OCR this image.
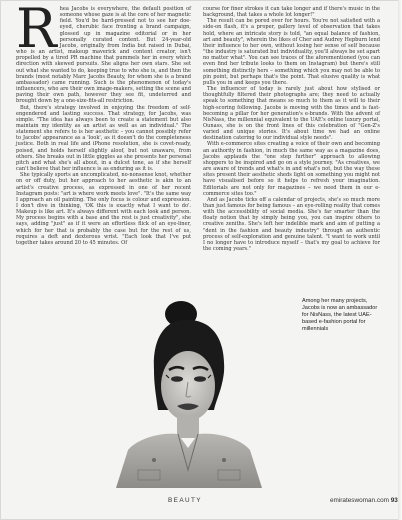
Rhea Jacobs is everywhere, the default position of someone whose gaze is at the core of her magnetic field. You'd be hard-pressed not to see her doe-eyed, cherubic face fronting a brand campaign, glossed up in magazine editorial or in her personally curated content. But 24-year-old Jacobs, originally from India but raised in Dubai, who is an artist, makeup maverick and content creator, isn't propelled by a tired PR machine that pummels her in every which direction with skewed pursuits. She aligns her own stars. She set out what she wanted to do, keeping true to who she is, and then the brands (most notably Marc Jacobs Beauty, for whom she is a brand ambassador) came running. Such is the phenomenon of today's influencers, who are their own image-makers, setting the scene and paving their own path, however they see fit, undeterred and brought down by a one-size-fits-all restriction.

But, there's strategy involved in enjoying the freedom of self-engendered and lasting success. That strategy, for Jacobs, was simple. "The idea has always been to create a statement but also maintain my identity as an artist as well as an individual." The statement she refers to is her aesthetic – you cannot possibly refer to Jacobs' appearance as a 'look', as it doesn't do the completeness justice. Both in real life and iPhone resolution, she is covet-ready, poised, and holds herself slightly aloof, but not unaware, from others. She breaks out in little giggles as she presents her personal pitch and what she's all about, in a dulcet tone, as if she herself can't believe that her influence is as enduring as it is.

She typically sports an uncomplicated, no-nonsense knot, whether on or off duty, but her approach to her aesthetic is akin to an artist's creative process, as expressed in one of her recent Instagram posts: "art is where work meets love". "It's the same way I approach an oil painting. The only focus is colour and expression. I don't dive in thinking, 'OK this is exactly what I want to do'. Makeup is like art. It's always different with each look and person. My process begins with a base and the rest is just creativity", she says, adding "just" as if it were an effortless flick of an eye-liner, which for her that is probably the case but for the rest of us, requires a deft and dexterous wrist. "Each look that I've put together takes around 20 to 45 minutes. Of

course for finer strokes it can take longer and if there's music in the background, that takes a whole lot longer!"

The result can be pored over for hours. You're not satisfied with a side-on flash, it's a proper, gallery level of observation that takes hold, where an intricate story is told, "an equal balance of fashion, art and beauty", wherein the likes of Cher and Audrey Hepburn lend their influence to her own, without losing her sense of self because "the industry is saturated but individuality, you'll always be set apart no matter what". You can see traces of the aforementioned (you can even find her tribute looks to them on Instagram) but there's still something distinctly hers – something which you may not be able to pin point, but perhaps that's the point. That elusive quality is what pulls you in and keeps you there.

The influencer of today is rarely just about how stylised or thoughtfully filtered their photographs are; they need to actually speak to something that means so much to them as it will to their high-scoring following. Jacobs is moving with the times and is fast-becoming a pillar for her generation's e-brands. With the advent of NisNass, the millennial equivalent to the UAE's online luxury portal, Ounass, she is on the front lines of this celebration of "Gen-Z's varied and unique stories. It's about time we had an online destination catering to our individual style needs".

With e-commerce sites creating a voice of their own and becoming an authority in fashion, in much the same way as a magazine does, Jacobs applauds the "one step further" approach to allowing shoppers to be inspired and go on a style journey. "As creatives, we are aware of trends and what's in and what's not, but the way these sites present their aesthetic sheds light on something you might not have visualised before so it helps to refresh your imagination. Editorials are not only for magazines – we need them in our e-commerce sites too."

And as Jacobs ticks off a calendar of projects, she's so much more than just famous for being famous – an eye-rolling reality that comes with the accessibility of social media. She's far smarter than the floaty notion that by simply being you, you can inspire others to creative zeniths. She's left her indelible mark and aim of putting a "dent in the fashion and beauty industry" through an authentic process of self-exploration and genuine talent. "I want to work until I no longer have to introduce myself – that's my goal to achieve for the coming years."

Among her many projects, Jacobs is now an ambassador for NisNass, the latest UAE-based e-fashion portal for millennials
BEAUTY	emirateswoman.com 93
